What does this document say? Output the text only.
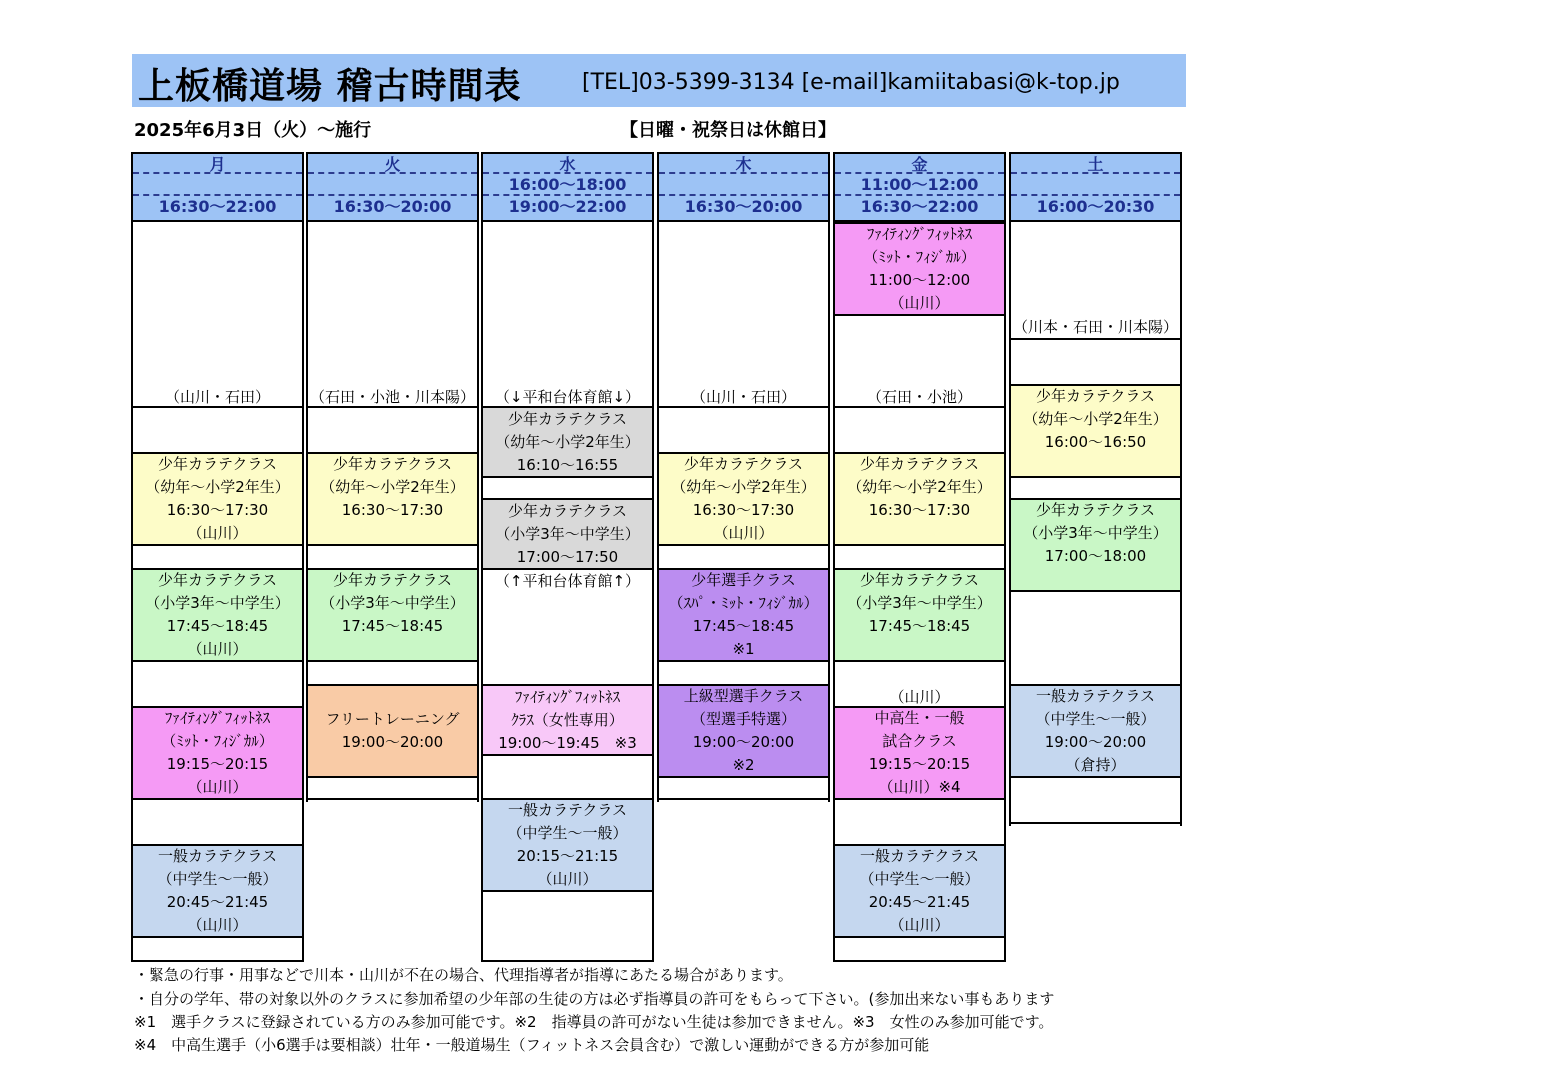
上板橋道場 稽古時間表	[TEL]03-5399-3134 [e-mail]kamiitabasi@k-top.jp
2025年6月3日（火）～施行	【日曜・祝祭日は休館日】
月
16:30～22:00
（山川・石田）
少年カラテクラス
（幼年～小学2年生）
16:30～17:30
（山川）
少年カラテクラス
（小学3年～中学生）
17:45～18:45
（山川）
ﾌｧｲﾃｨﾝｸﾞﾌｨｯﾄﾈｽ
（ﾐｯﾄ・ﾌｨｼﾞｶﾙ）
19:15～20:15
（山川）
一般カラテクラス
（中学生～一般）
20:45～21:45
（山川）
火
16:30～20:00
（石田・小池・川本陽）
少年カラテクラス
（幼年～小学2年生）
16:30～17:30

少年カラテクラス
（小学3年～中学生）
17:45～18:45

フリートレーニング
19:00～20:00
水
16:00～18:00
19:00～22:00
（↓平和台体育館↓）
少年カラテクラス
（幼年～小学2年生）
16:10～16:55
少年カラテクラス
（小学3年～中学生）
17:00～17:50
（↑平和台体育館↑）
ﾌｧｲﾃｨﾝｸﾞﾌｨｯﾄﾈｽ
ｸﾗｽ（女性専用）
19:00～19:45　※3
一般カラテクラス
（中学生～一般）
20:15～21:15
（山川）
木
16:30～20:00
（山川・石田）
少年カラテクラス
（幼年～小学2年生）
16:30～17:30
（山川）
少年選手クラス
（ｽﾊﾟ・ﾐｯﾄ・ﾌｨｼﾞｶﾙ）
17:45～18:45
※1
上級型選手クラス
（型選手特選）
19:00～20:00
※2
金
11:00～12:00
16:30～22:00
ﾌｧｲﾃｨﾝｸﾞﾌｨｯﾄﾈｽ
（ﾐｯﾄ・ﾌｨｼﾞｶﾙ）
11:00～12:00
（山川）
（石田・小池）
少年カラテクラス
（幼年～小学2年生）
16:30～17:30

少年カラテクラス
（小学3年～中学生）
17:45～18:45

（山川）
中高生・一般
試合クラス
19:15～20:15
（山川）※4
一般カラテクラス
（中学生～一般）
20:45～21:45
（山川）
土
16:00～20:30
（川本・石田・川本陽）
少年カラテクラス
（幼年～小学2年生）
16:00～16:50

少年カラテクラス
（小学3年～中学生）
17:00～18:00

一般カラテクラス
（中学生～一般）
19:00～20:00
（倉持）
・緊急の行事・用事などで川本・山川が不在の場合、代理指導者が指導にあたる場合があります。
・自分の学年、帯の対象以外のクラスに参加希望の少年部の生徒の方は必ず指導員の許可をもらって下さい。(参加出来ない事もあります
※1　選手クラスに登録されている方のみ参加可能です。※2　指導員の許可がない生徒は参加できません。※3　女性のみ参加可能です。
※4　中高生選手（小6選手は要相談）壮年・一般道場生（フィットネス会員含む）で激しい運動ができる方が参加可能
